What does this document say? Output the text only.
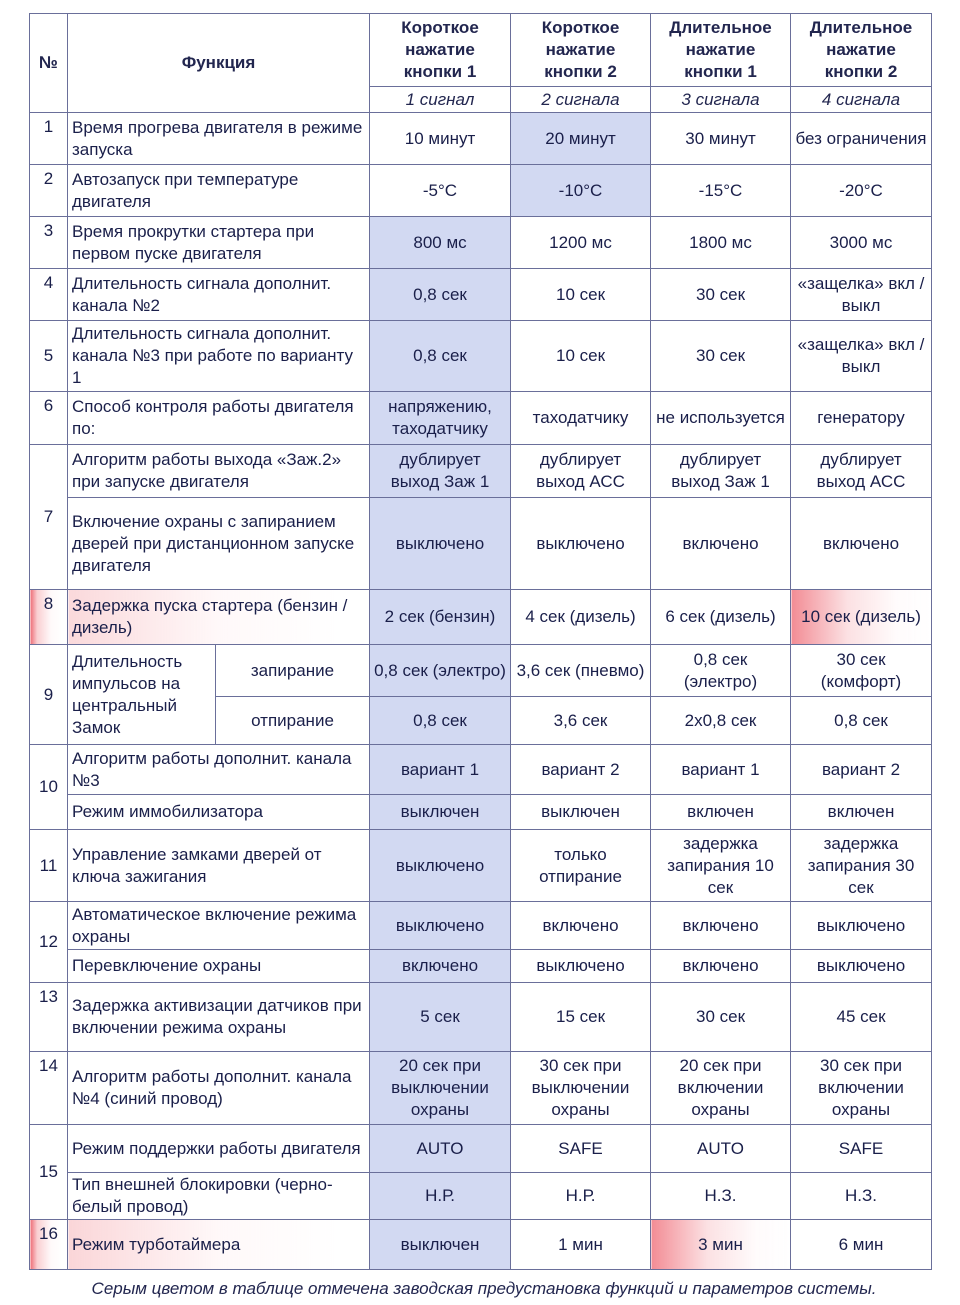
№	Функция		Короткое нажатие кнопки 1	Короткое нажатие кнопки 2	Длительное нажатие кнопки 1	Длительное нажатие кнопки 2
			1 сигнал	2 сигнала	3 сигнала	4 сигнала
1	Время прогрева двигателя в режиме запуска		10 минут	20 минут	30 минут	без ограничения
2	Автозапуск при температуре двигателя		-5°С	-10°С	-15°С	-20°С
3	Время прокрутки стартера при первом пуске двигателя		800 мс	1200 мс	1800 мс	3000 мс
4	Длительность сигнала дополнит. канала №2		0,8 сек	10 сек	30 сек	«защелка» вкл / выкл
5	Длительность сигнала дополнит. канала №3 при работе по варианту 1		0,8 сек	10 сек	30 сек	«защелка» вкл / выкл
6	Способ контроля работы двигателя по:		напряжению, таходатчику	таходатчику	не используется	генератору
7	Алгоритм работы выхода «Заж.2» при запуске двигателя		дублирует выход Заж 1	дублирует выход АСС	дублирует выход Заж 1	дублирует выход АСС
	Включение охраны с запиранием дверей при дистанционном запуске двигателя		выключено	выключено	включено	включено
8	Задержка пуска стартера (бензин / дизель)		2 сек (бензин)	4 сек (дизель)	6 сек (дизель)	10 сек (дизель)
9	Длительность импульсов на центральный Замок	запирание	0,8 сек (электро)	3,6 сек (пневмо)	0,8 сек (электро)	30 сек (комфорт)
		отпирание	0,8 сек	3,6 сек	2х0,8 сек	0,8 сек
10	Алгоритм работы дополнит. канала №3		вариант 1	вариант 2	вариант 1	вариант 2
	Режим иммобилизатора		выключен	выключен	включен	включен
11	Управление замками дверей от ключа зажигания		выключено	только отпирание	задержка запирания 10 сек	задержка запирания 30 сек
12	Автоматическое включение режима охраны		выключено	включено	включено	выключено
	Перевключение охраны		включено	выключено	включено	выключено
13	Задержка активизации датчиков при включении режима охраны		5 сек	15 сек	30 сек	45 сек
14	Алгоритм работы дополнит. канала №4 (синий провод)		20 сек при выключении охраны	30 сек при выключении охраны	20 сек при включении охраны	30 сек при включении охраны
15	Режим поддержки работы двигателя		AUTO	SAFE	AUTO	SAFE
	Тип внешней блокировки (черно-белый провод)		Н.Р.	Н.Р.	Н.З.	Н.З.
16	Режим турботаймера		выключен	1 мин	3 мин	6 мин
Серым цветом в таблице отмечена заводская предустановка функций и параметров системы.
